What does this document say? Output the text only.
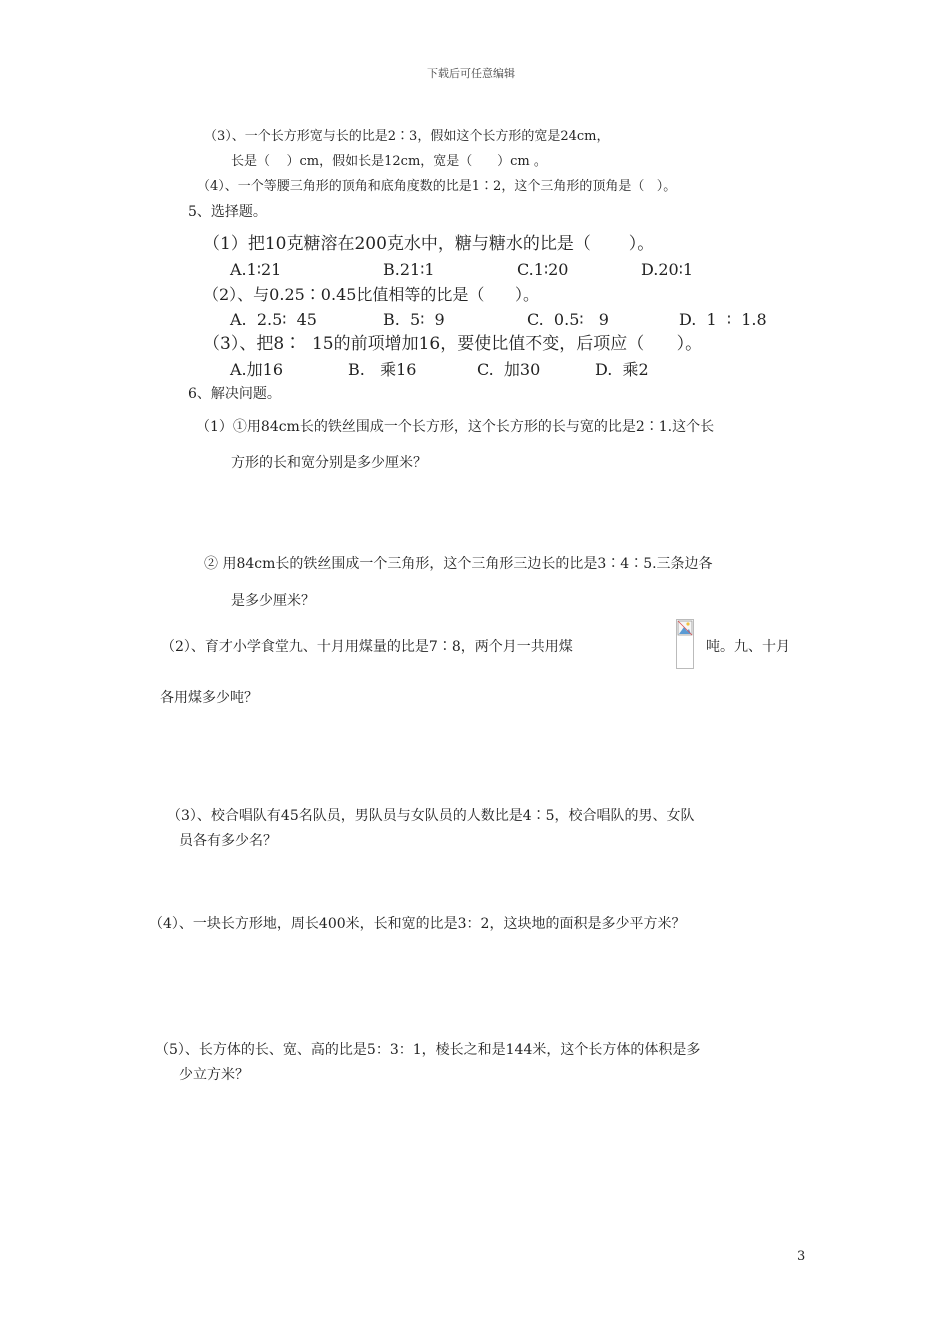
下载后可任意编辑
（3）、一个长方形宽与长的比是2∶3，假如这个长方形的宽是24cm，
长是（    ）cm，假如长是12cm，宽是（      ）cm 。
（4）、一个等腰三角形的顶角和底角度数的比是1∶2，这个三角形的顶角是（   ）。
5、选择题。
（1）把10克糖溶在200克水中，糖与糖水的比是（       ）。
A.1∶21	B.21∶1	C.1∶20	D.20∶1
（2）、与0.25∶0.45比值相等的比是（      ）。
A.  2.5∶  45	B.  5∶  9	C.  0.5∶   9	D.  1  ∶  1.8
（3）、把8∶  15的前项增加16，要使比值不变，后项应（      ）。
A.加16	B.   乘16	C.  加30	D.  乘2
6、解决问题。
（1）①用84cm长的铁丝围成一个长方形，这个长方形的长与宽的比是2∶1.这个长
方形的长和宽分别是多少厘米？
② 用84cm长的铁丝围成一个三角形，这个三角形三边长的比是3∶4∶5.三条边各
是多少厘米？
（2）、育才小学食堂九、十月用煤量的比是7∶8，两个月一共用煤	吨。九、十月
各用煤多少吨？
（3）、校合唱队有45名队员，男队员与女队员的人数比是4∶5，校合唱队的男、女队
员各有多少名？
（4）、一块长方形地，周长400米，长和宽的比是3：2，这块地的面积是多少平方米？
（5）、长方体的长、宽、高的比是5：3：1，棱长之和是144米，这个长方体的体积是多
少立方米？
3
